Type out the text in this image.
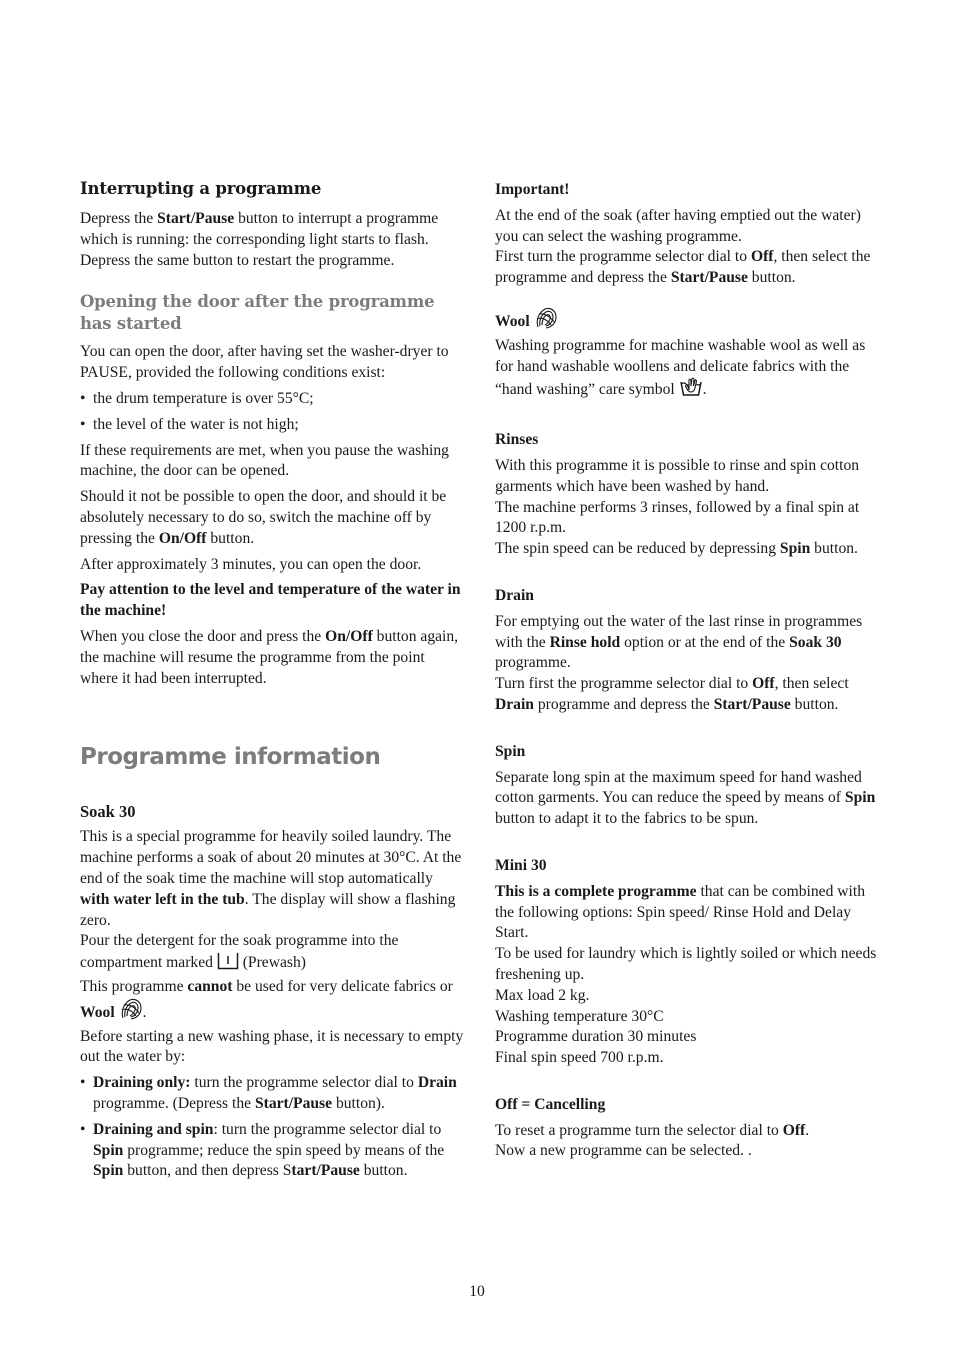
Interrupting a programme

Depress the Start/Pause button to interrupt a programme which is running: the corresponding light starts to flash.

Depress the same button to restart the programme.

Opening the door after the programme has started

You can open the door, after having set the washer-dryer to PAUSE, provided the following conditions exist:

• the drum temperature is over 55°C;
• the level of the water is not high;

If these requirements are met, when you pause the washing machine, the door can be opened.

Should it not be possible to open the door, and should it be absolutely necessary to do so, switch the machine off by pressing the On/Off button.

After approximately 3 minutes, you can open the door.

Pay attention to the level and temperature of the water in the machine!

When you close the door and press the On/Off button again, the machine will resume the programme from the point where it had been interrupted.

Programme information
Soak 30

This is a special programme for heavily soiled laundry. The machine performs a soak of about 20 minutes at 30°C. At the end of the soak time the machine will stop automatically with water left in the tub. The display will show a flashing zero.

Pour the detergent for the soak programme into the compartment marked  (Prewash)

This programme cannot be used for very delicate fabrics or Wool .

Before starting a new washing phase, it is necessary to empty out the water by:

• Draining only: turn the programme selector dial to Drain programme. (Depress the Start/Pause button).
• Draining and spin: turn the programme selector dial to Spin programme; reduce the spin speed by means of the Spin button, and then depress Start/Pause button.
Important!

At the end of the soak (after having emptied out the water) you can select the washing programme.

First turn the programme selector dial to Off, then select the programme and depress the Start/Pause button.

Wool

Washing programme for machine washable wool as well as for hand washable woollens and delicate fabrics with the “hand washing” care symbol .

Rinses

With this programme it is possible to rinse and spin cotton garments which have been washed by hand.

The machine performs 3 rinses, followed by a final spin at 1200 r.p.m.

The spin speed can be reduced by depressing Spin button.

Drain

For emptying out the water of the last rinse in programmes with the Rinse hold option or at the end of the Soak 30 programme.

Turn first the programme selector dial to Off, then select Drain programme and depress the Start/Pause button.

Spin

Separate long spin at the maximum speed for hand washed cotton garments. You can reduce the speed by means of Spin button to adapt it to the fabrics to be spun.

Mini 30

This is a complete programme that can be combined with the following options: Spin speed/ Rinse Hold and Delay Start.

To be used for laundry which is lightly soiled or which needs freshening up.

Max load 2 kg.

Washing temperature 30°C

Programme duration 30 minutes

Final spin speed 700 r.p.m.

Off = Cancelling

To reset a programme turn the selector dial to Off.

Now a new programme can be selected. .

10
